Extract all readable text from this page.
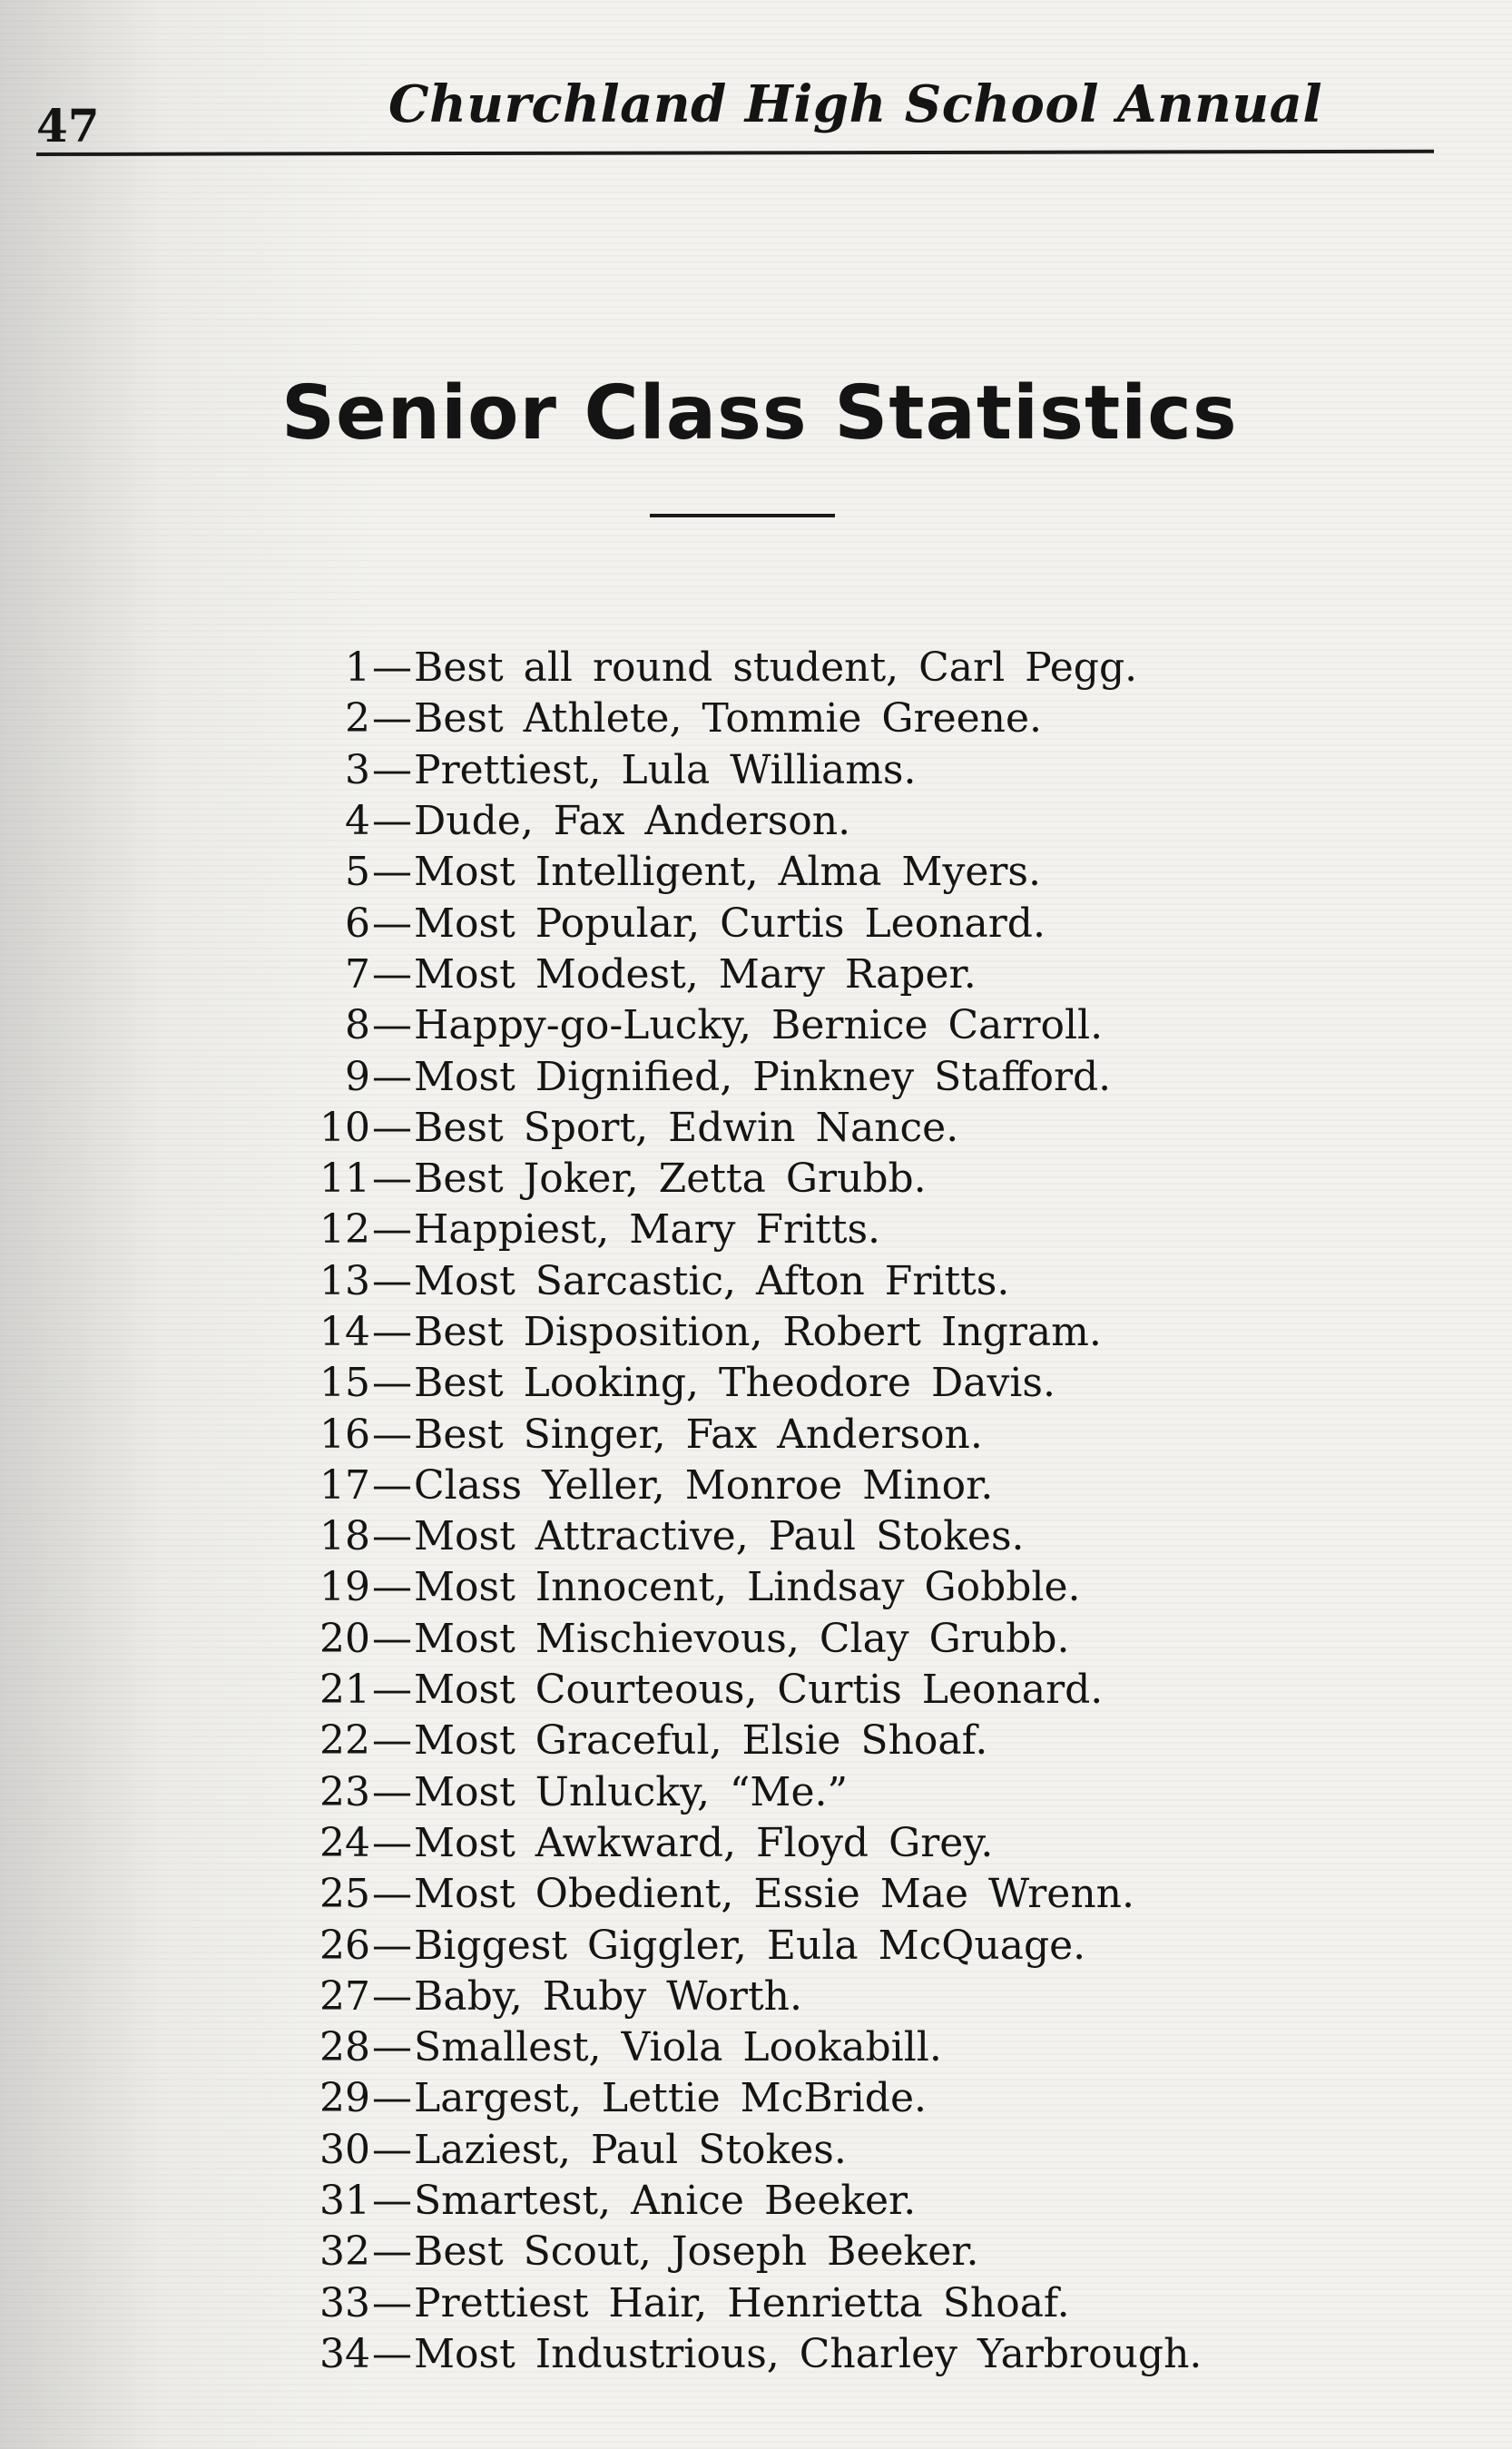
47	Churchland High School Annual
Senior Class Statistics
1 — Best all round student, Carl Pegg.
2 — Best Athlete, Tommie Greene.
3 — Prettiest, Lula Williams.
4 — Dude, Fax Anderson.
5 — Most Intelligent, Alma Myers.
6 — Most Popular, Curtis Leonard.
7 — Most Modest, Mary Raper.
8 — Happy-go-Lucky, Bernice Carroll.
9 — Most Dignified, Pinkney Stafford.
10 — Best Sport, Edwin Nance.
11 — Best Joker, Zetta Grubb.
12 — Happiest, Mary Fritts.
13 — Most Sarcastic, Afton Fritts.
14 — Best Disposition, Robert Ingram.
15 — Best Looking, Theodore Davis.
16 — Best Singer, Fax Anderson.
17 — Class Yeller, Monroe Minor.
18 — Most Attractive, Paul Stokes.
19 — Most Innocent, Lindsay Gobble.
20 — Most Mischievous, Clay Grubb.
21 — Most Courteous, Curtis Leonard.
22 — Most Graceful, Elsie Shoaf.
23 — Most Unlucky, “Me.”
24 — Most Awkward, Floyd Grey.
25 — Most Obedient, Essie Mae Wrenn.
26 — Biggest Giggler, Eula McQuage.
27 — Baby, Ruby Worth.
28 — Smallest, Viola Lookabill.
29 — Largest, Lettie McBride.
30 — Laziest, Paul Stokes.
31 — Smartest, Anice Beeker.
32 — Best Scout, Joseph Beeker.
33 — Prettiest Hair, Henrietta Shoaf.
34 — Most Industrious, Charley Yarbrough.
